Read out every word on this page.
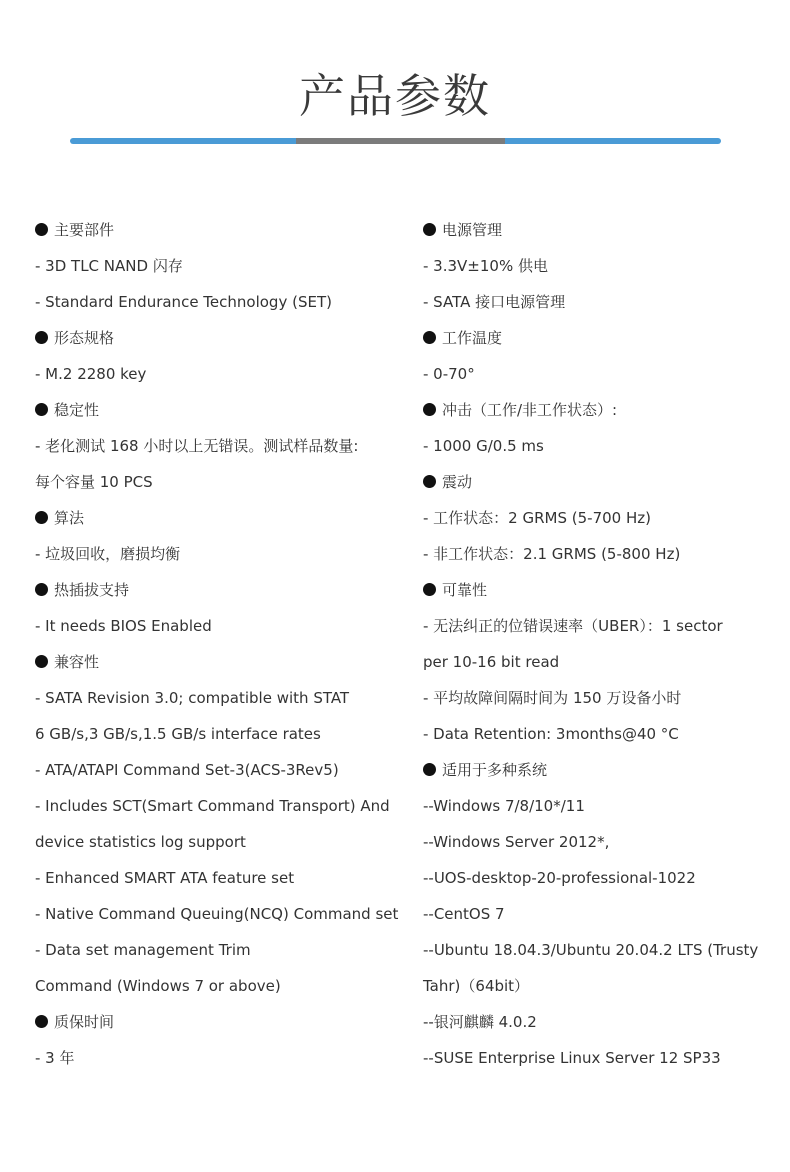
产品参数
主要部件
- 3D TLC NAND 闪存
- Standard Endurance Technology (SET)
形态规格
- M.2 2280 key
稳定性
- 老化测试 168 小时以上无错误。测试样品数量:
每个容量 10 PCS
算法
- 垃圾回收，磨损均衡
热插拔支持
- It needs BIOS Enabled
兼容性
- SATA Revision 3.0; compatible with STAT
6 GB/s,3 GB/s,1.5 GB/s interface rates
- ATA/ATAPI Command Set-3(ACS-3Rev5)
- Includes SCT(Smart Command Transport) And
device statistics log support
- Enhanced SMART ATA feature set
- Native Command Queuing(NCQ) Command set
- Data set management Trim
Command (Windows 7 or above)
质保时间
- 3 年
电源管理
- 3.3V±10% 供电
- SATA 接口电源管理
工作温度
- 0-70°
冲击（工作/非工作状态）:
- 1000 G/0.5 ms
震动
- 工作状态：2 GRMS (5-700 Hz)
- 非工作状态：2.1 GRMS (5-800 Hz)
可靠性
- 无法纠正的位错误速率（UBER）：1 sector
per 10-16 bit read
- 平均故障间隔时间为 150 万设备小时
- Data Retention: 3months@40 °C
适用于多种系统
--Windows 7/8/10*/11
--Windows Server 2012*,
--UOS-desktop-20-professional-1022
--CentOS 7
--Ubuntu 18.04.3/Ubuntu 20.04.2 LTS (Trusty
Tahr)（64bit）
--银河麒麟 4.0.2
--SUSE Enterprise Linux Server 12 SP33
